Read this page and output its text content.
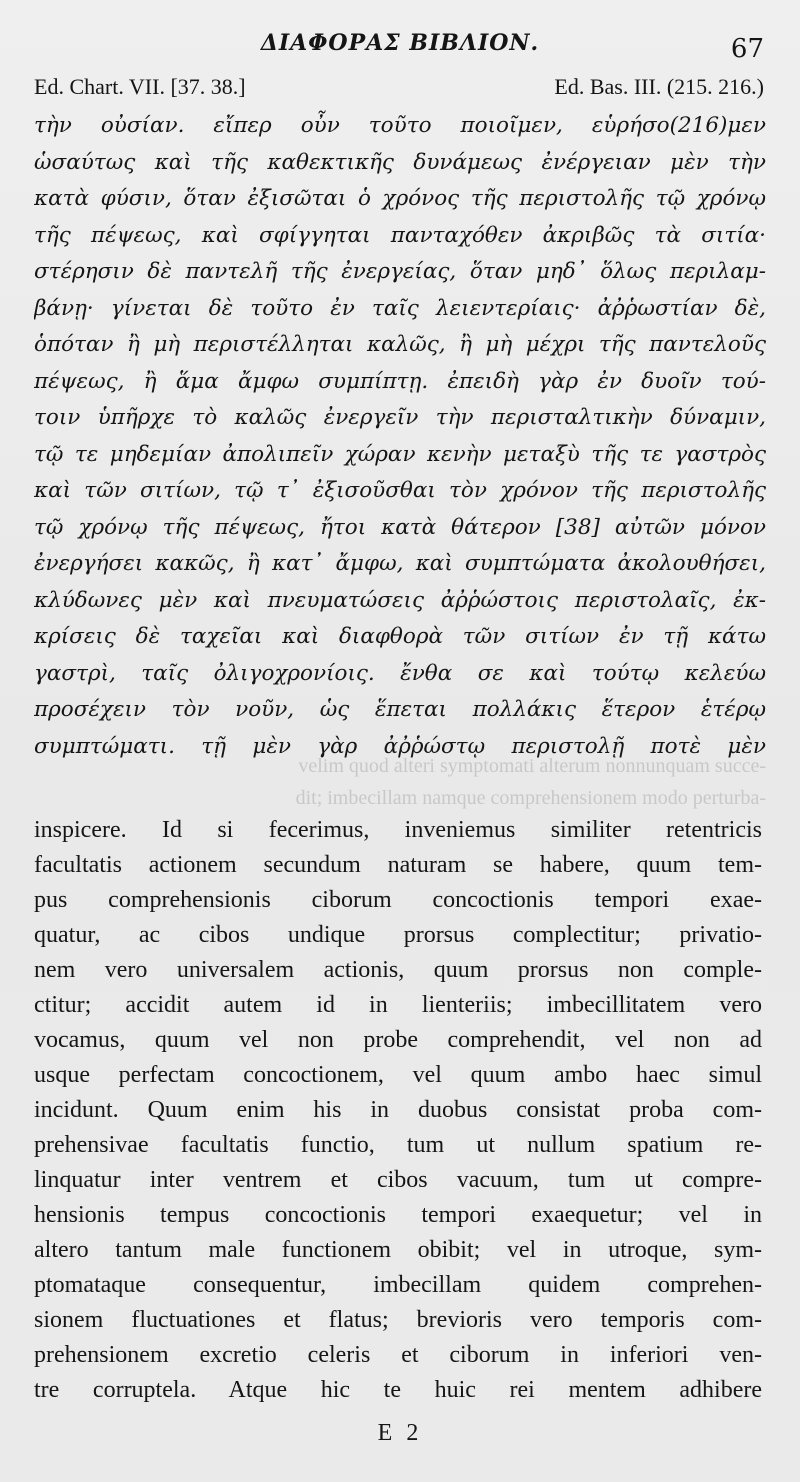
ΔΙΑΦΟΡΑΣ ΒΙΒΛΙΟΝ.	67
Ed. Chart. VII. [37. 38.]	Ed. Bas. III. (215. 216.)
τὴν οὐσίαν. εἴπερ οὖν τοῦτο ποιοῖμεν, εὑρήσο(216)μεν
ὡσαύτως καὶ τῆς καθεκτικῆς δυνάμεως ἐνέργειαν μὲν τὴν
κατὰ φύσιν, ὅταν ἐξισῶται ὁ χρόνος τῆς περιστολῆς τῷ χρόνῳ
τῆς πέψεως, καὶ σφίγγηται πανταχόθεν ἀκριβῶς τὰ σιτία·
στέρησιν δὲ παντελῆ τῆς ἐνεργείας, ὅταν μηδ᾽ ὅλως περιλαμ-
βάνῃ· γίνεται δὲ τοῦτο ἐν ταῖς λειεντερίαις· ἀῤῥωστίαν δὲ,
ὁπόταν ἢ μὴ περιστέλληται καλῶς, ἢ μὴ μέχρι τῆς παντελοῦς
πέψεως, ἢ ἅμα ἄμφω συμπίπτῃ. ἐπειδὴ γὰρ ἐν δυοῖν τού-
τοιν ὑπῆρχε τὸ καλῶς ἐνεργεῖν τὴν περισταλτικὴν δύναμιν,
τῷ τε μηδεμίαν ἀπολιπεῖν χώραν κενὴν μεταξὺ τῆς τε γαστρὸς
καὶ τῶν σιτίων, τῷ τ᾽ ἐξισοῦσθαι τὸν χρόνον τῆς περιστολῆς
τῷ χρόνῳ τῆς πέψεως, ἤτοι κατὰ θάτερον [38] αὐτῶν μόνον
ἐνεργήσει κακῶς, ἢ κατ᾽ ἄμφω, καὶ συμπτώματα ἀκολουθήσει,
κλύδωνες μὲν καὶ πνευματώσεις ἀῤῥώστοις περιστολαῖς, ἐκ-
κρίσεις δὲ ταχεῖαι καὶ διαφθορὰ τῶν σιτίων ἐν τῇ κάτω
γαστρὶ, ταῖς ὀλιγοχρονίοις. ἔνθα σε καὶ τούτῳ κελεύω
προσέχειν τὸν νοῦν, ὡς ἕπεται πολλάκις ἕτερον ἑτέρῳ
συμπτώματι. τῇ μὲν γὰρ ἀῤῥώστῳ περιστολῇ ποτὲ μὲν
velim quod alteri symptomati alterum nonnunquam succe-
dit; imbecillam namque comprehensionem modo perturba-
inspicere. Id si fecerimus, inveniemus similiter retentricis
facultatis actionem secundum naturam se habere, quum tem-
pus comprehensionis ciborum concoctionis tempori exae-
quatur, ac cibos undique prorsus complectitur; privatio-
nem vero universalem actionis, quum prorsus non comple-
ctitur; accidit autem id in lienteriis; imbecillitatem vero
vocamus, quum vel non probe comprehendit, vel non ad
usque perfectam concoctionem, vel quum ambo haec simul
incidunt. Quum enim his in duobus consistat proba com-
prehensivae facultatis functio, tum ut nullum spatium re-
linquatur inter ventrem et cibos vacuum, tum ut compre-
hensionis tempus concoctionis tempori exaequetur; vel in
altero tantum male functionem obibit; vel in utroque, sym-
ptomataque consequentur, imbecillam quidem comprehen-
sionem fluctuationes et flatus; brevioris vero temporis com-
prehensionem excretio celeris et ciborum in inferiori ven-
tre corruptela. Atque hic te huic rei mentem adhibere
E 2
